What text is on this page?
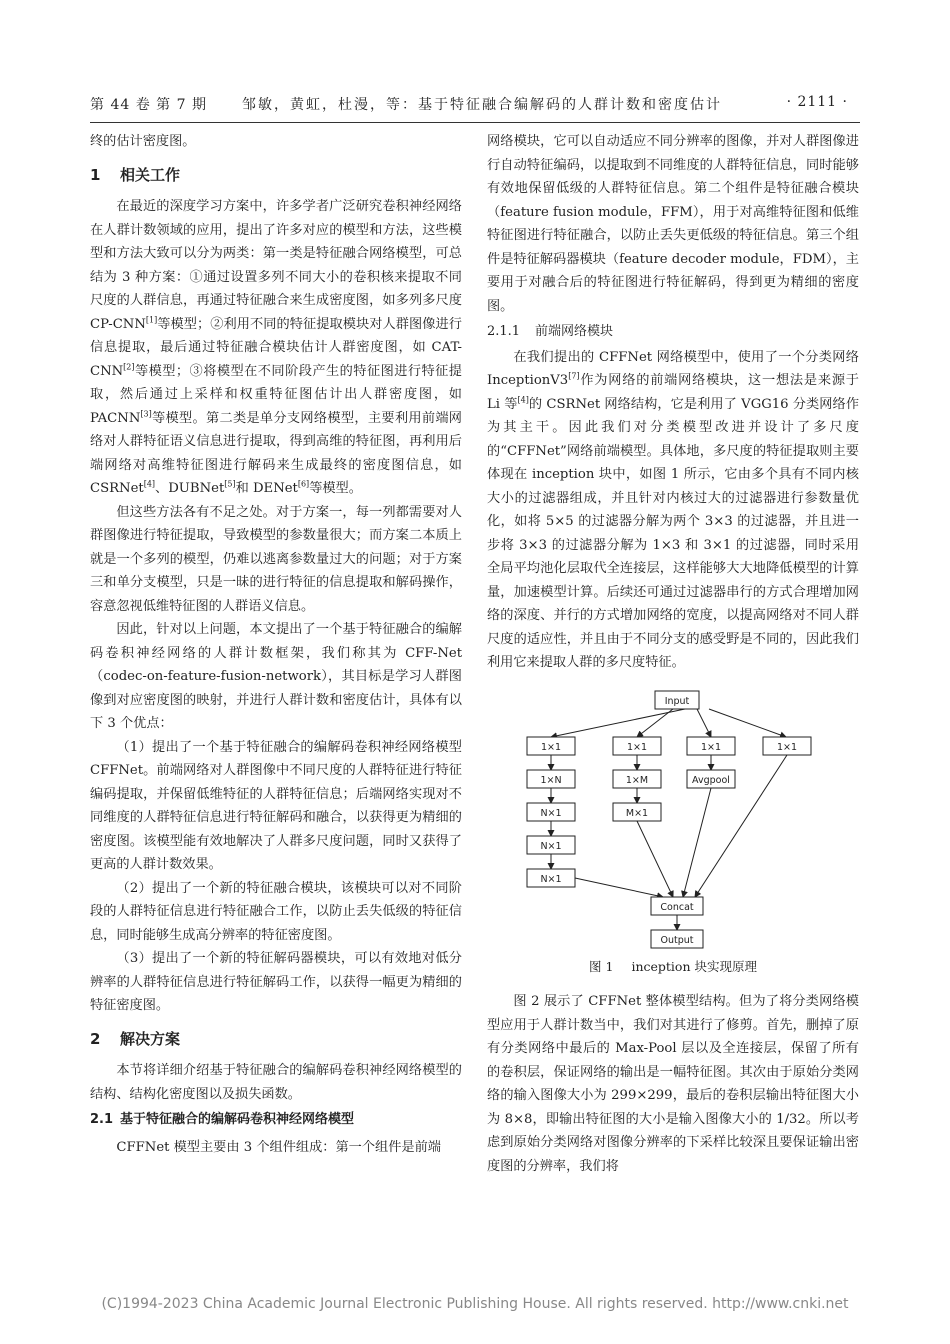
第 44 卷 第 7 期	邹敏，黄虹，杜漫，等：基于特征融合编解码的人群计数和密度估计	· 2111 ·

终的估计密度图。

1 相关工作

在最近的深度学习方案中，许多学者广泛研究卷积神经网络在人群计数领域的应用，提出了许多对应的模型和方法，这些模型和方法大致可以分为两类：第一类是特征融合网络模型，可总结为 3 种方案：①通过设置多列不同大小的卷积核来提取不同尺度的人群信息，再通过特征融合来生成密度图，如多列多尺度 CP-CNN[1]等模型；②利用不同的特征提取模块对人群图像进行信息提取，最后通过特征融合模块估计人群密度图，如 CAT-CNN[2]等模型；③将模型在不同阶段产生的特征图进行特征提取，然后通过上采样和权重特征图估计出人群密度图，如 PACNN[3]等模型。第二类是单分支网络模型，主要利用前端网络对人群特征语义信息进行提取，得到高维的特征图，再利用后端网络对高维特征图进行解码来生成最终的密度图信息，如 CSRNet[4]、DUBNet[5]和 DENet[6]等模型。

但这些方法各有不足之处。对于方案一，每一列都需要对人群图像进行特征提取，导致模型的参数量很大；而方案二本质上就是一个多列的模型，仍难以逃离参数量过大的问题；对于方案三和单分支模型，只是一昧的进行特征的信息提取和解码操作，容意忽视低维特征图的人群语义信息。

因此，针对以上问题，本文提出了一个基于特征融合的编解码卷积神经网络的人群计数框架，我们称其为 CFF-Net（codec-on-feature-fusion-network），其目标是学习人群图像到对应密度图的映射，并进行人群计数和密度估计，具体有以下 3 个优点：

（1）提出了一个基于特征融合的编解码卷积神经网络模型 CFFNet。前端网络对人群图像中不同尺度的人群特征进行特征编码提取，并保留低维特征的人群特征信息；后端网络实现对不同维度的人群特征信息进行特征解码和融合，以获得更为精细的密度图。该模型能有效地解决了人群多尺度问题，同时又获得了更高的人群计数效果。

（2）提出了一个新的特征融合模块，该模块可以对不同阶段的人群特征信息进行特征融合工作，以防止丢失低级的特征信息，同时能够生成高分辨率的特征密度图。

（3）提出了一个新的特征解码器模块，可以有效地对低分辨率的人群特征信息进行特征解码工作，以获得一幅更为精细的特征密度图。

2 解决方案

本节将详细介绍基于特征融合的编解码卷积神经网络模型的结构、结构化密度图以及损失函数。

2.1 基于特征融合的编解码卷积神经网络模型

CFFNet 模型主要由 3 个组件组成：第一个组件是前端

网络模块，它可以自动适应不同分辨率的图像，并对人群图像进行自动特征编码，以提取到不同维度的人群特征信息，同时能够有效地保留低级的人群特征信息。第二个组件是特征融合模块（feature fusion module，FFM），用于对高维特征图和低维特征图进行特征融合，以防止丢失更低级的特征信息。第三个组件是特征解码器模块（feature decoder module，FDM），主要用于对融合后的特征图进行特征解码，得到更为精细的密度图。

2.1.1 前端网络模块

在我们提出的 CFFNet 网络模型中，使用了一个分类网络 InceptionV3[7]作为网络的前端网络模块，这一想法是来源于 Li 等[4]的 CSRNet 网络结构，它是利用了 VGG16 分类网络作为其主干。因此我们对分类模型改进并设计了多尺度的“CFFNet”网络前端模型。具体地，多尺度的特征提取则主要体现在 inception 块中，如图 1 所示，它由多个具有不同内核大小的过滤器组成，并且针对内核过大的过滤器进行参数量优化，如将 5×5 的过滤器分解为两个 3×3 的过滤器，并且进一步将 3×3 的过滤器分解为 1×3 和 3×1 的过滤器，同时采用全局平均池化层取代全连接层，这样能够大大地降低模型的计算量，加速模型计算。后续还可通过过滤器串行的方式合理增加网络的深度、并行的方式增加网络的宽度，以提高网络对不同人群尺度的适应性，并且由于不同分支的感受野是不同的，因此我们利用它来提取人群的多尺度特征。

Input
1×1
1×N
N×1
N×1
N×1
1×1
1×M
M×1
1×1
Avgpool
1×1
Concat
Output
图 1 inception 块实现原理

图 2 展示了 CFFNet 整体模型结构。但为了将分类网络模型应用于人群计数当中，我们对其进行了修剪。首先，删掉了原有分类网络中最后的 Max-Pool 层以及全连接层，保留了所有的卷积层，保证网络的输出是一幅特征图。其次由于原始分类网络的输入图像大小为 299×299，最后的卷积层输出特征图大小为 8×8，即输出特征图的大小是输入图像大小的 1/32。所以考虑到原始分类网络对图像分辨率的下采样比较深且要保证输出密度图的分辨率，我们将

(C)1994-2023 China Academic Journal Electronic Publishing House. All rights reserved. http://www.cnki.net
